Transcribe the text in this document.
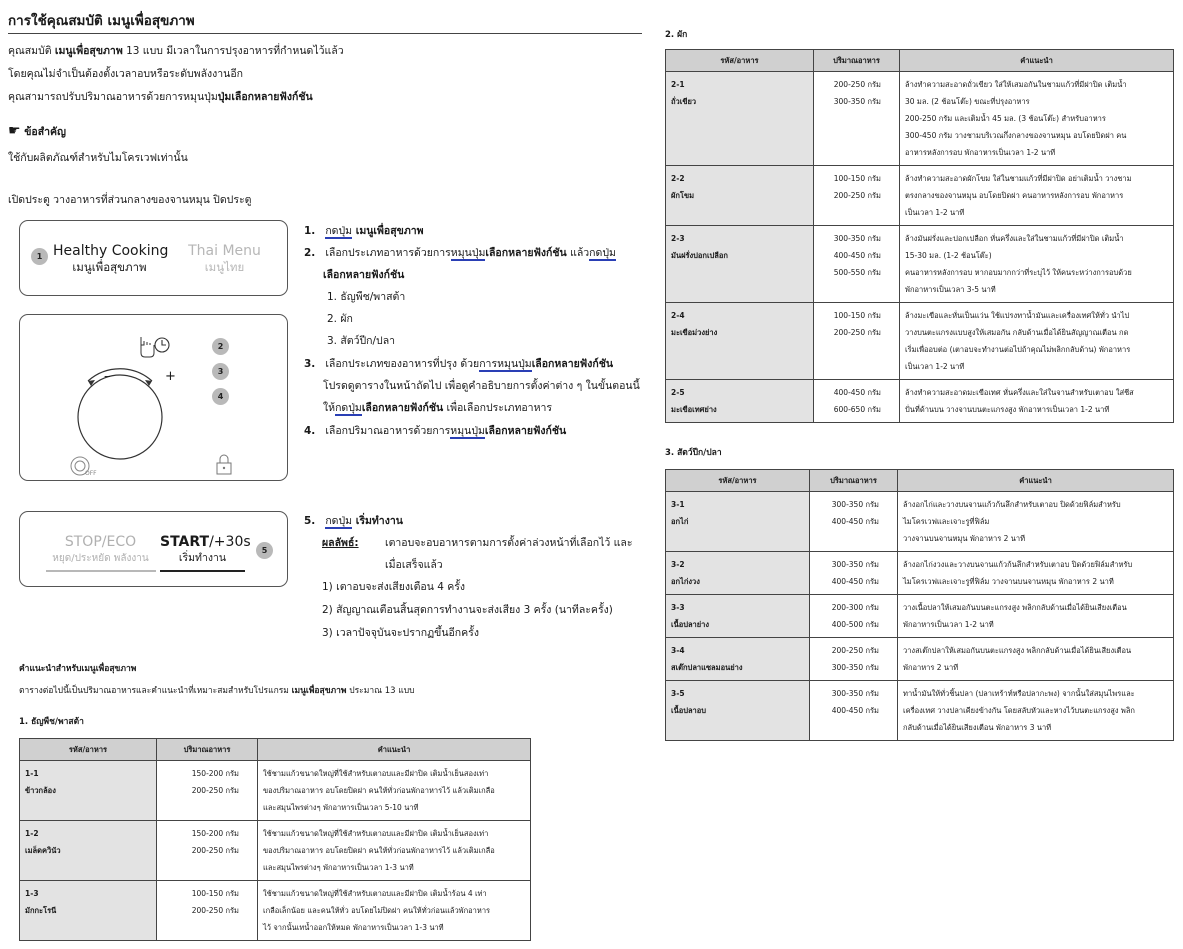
การใช้คุณสมบัติ เมนูเพื่อสุขภาพ
คุณสมบัติ เมนูเพื่อสุขภาพ 13 แบบ มีเวลาในการปรุงอาหารที่กำหนดไว้แล้ว
โดยคุณไม่จำเป็นต้องตั้งเวลาอบหรือระดับพลังงานอีก
คุณสามารถปรับปริมาณอาหารด้วยการหมุนปุ่มปุ่มเลือกหลายฟังก์ชัน
☛ ข้อสำคัญ
ใช้กับผลิตภัณฑ์สำหรับไมโครเวฟเท่านั้น
เปิดประตู วางอาหารที่ส่วนกลางของจานหมุน ปิดประตู
1 Healthy Cooking
เมนูเพื่อสุขภาพ
Thai Menu
เมนูไทย
–	+
2
3
4
OFF
STOP/ECO
หยุด/ประหยัด พลังงาน
START/+30s
เริ่มทำงาน
5
1. กดปุ่ม เมนูเพื่อสุขภาพ
2. เลือกประเภทอาหารด้วยการหมุนปุ่มเลือกหลายฟังก์ชัน แล้วกดปุ่ม
เลือกหลายฟังก์ชัน
1. ธัญพืช/พาสต้า
2. ผัก
3. สัตว์ปีก/ปลา
3. เลือกประเภทของอาหารที่ปรุง ด้วยการหมุนปุ่มเลือกหลายฟังก์ชัน
โปรดดูตารางในหน้าถัดไป เพื่อดูคำอธิบายการตั้งค่าต่าง ๆ ในขั้นตอนนี้
ให้กดปุ่มเลือกหลายฟังก์ชัน เพื่อเลือกประเภทอาหาร
4. เลือกปริมาณอาหารด้วยการหมุนปุ่มเลือกหลายฟังก์ชัน
5. กดปุ่ม เริ่มทำงาน
ผลลัพธ์:	เตาอบจะอบอาหารตามการตั้งค่าล่วงหน้าที่เลือกไว้ และ
เมื่อเสร็จแล้ว
1) เตาอบจะส่งเสียงเตือน 4 ครั้ง
2) สัญญาณเตือนสิ้นสุดการทำงานจะส่งเสียง 3 ครั้ง (นาทีละครั้ง)
3) เวลาปัจจุบันจะปรากฏขึ้นอีกครั้ง
คำแนะนำสำหรับเมนูเพื่อสุขภาพ
ตารางต่อไปนี้เป็นปริมาณอาหารและคำแนะนำที่เหมาะสมสำหรับโปรแกรม เมนูเพื่อสุขภาพ ประมาณ 13 แบบ
1. ธัญพืช/พาสต้า
รหัส/อาหาร	ปริมาณอาหาร	คำแนะนำ

1-1
ข้าวกล้อง	150-200 กรัม
200-250 กรัม	ใช้ชามแก้วขนาดใหญ่ที่ใช้สำหรับเตาอบและมีฝาปิด เติมน้ำเย็นสองเท่า
ของปริมาณอาหาร อบโดยปิดฝา คนให้ทั่วก่อนพักอาหารไว้ แล้วเติมเกลือ
และสมุนไพรต่างๆ พักอาหารเป็นเวลา 5-10 นาที

1-2
เมล็ดควินัว	150-200 กรัม
200-250 กรัม	ใช้ชามแก้วขนาดใหญ่ที่ใช้สำหรับเตาอบและมีฝาปิด เติมน้ำเย็นสองเท่า
ของปริมาณอาหาร อบโดยปิดฝา คนให้ทั่วก่อนพักอาหารไว้ แล้วเติมเกลือ
และสมุนไพรต่างๆ พักอาหารเป็นเวลา 1-3 นาที

1-3
มักกะโรนี	100-150 กรัม
200-250 กรัม	ใช้ชามแก้วขนาดใหญ่ที่ใช้สำหรับเตาอบและมีฝาปิด เติมน้ำร้อน 4 เท่า
เกลือเล็กน้อย และคนให้ทั่ว อบโดยไม่ปิดฝา คนให้ทั่วก่อนแล้วพักอาหาร
ไว้ จากนั้นเทน้ำออกให้หมด พักอาหารเป็นเวลา 1-3 นาที
2. ผัก
รหัส/อาหาร	ปริมาณอาหาร	คำแนะนำ

2-1
ถั่วเขียว	200-250 กรัม
300-350 กรัม	ล้างทำความสะอาดถั่วเขียว ใส่ให้เสมอกันในชามแก้วที่มีฝาปิด เติมน้ำ
30 มล. (2 ช้อนโต๊ะ) ขณะที่ปรุงอาหาร
200-250 กรัม และเติมน้ำ 45 มล. (3 ช้อนโต๊ะ) สำหรับอาหาร
300-450 กรัม วางชามบริเวณกึ่งกลางของจานหมุน อบโดยปิดฝา คน
อาหารหลังการอบ พักอาหารเป็นเวลา 1-2 นาที

2-2
ผักโขม	100-150 กรัม
200-250 กรัม	ล้างทำความสะอาดผักโขม ใส่ในชามแก้วที่มีฝาปิด อย่าเติมน้ำ วางชาม
ตรงกลางของจานหมุน อบโดยปิดฝา คนอาหารหลังการอบ พักอาหาร
เป็นเวลา 1-2 นาที

2-3
มันฝรั่งปอกเปลือก	300-350 กรัม
400-450 กรัม
500-550 กรัม	ล้างมันฝรั่งและปอกเปลือก หั่นครึ่งและใส่ในชามแก้วที่มีฝาปิด เติมน้ำ
15-30 มล. (1-2 ช้อนโต๊ะ)
คนอาหารหลังการอบ หากอบมากกว่าที่ระบุไว้ ให้คนระหว่างการอบด้วย
พักอาหารเป็นเวลา 3-5 นาที

2-4
มะเขือม่วงย่าง	100-150 กรัม
200-250 กรัม	ล้างมะเขือและหั่นเป็นแว่น ใช้แปรงทาน้ำมันและเครื่องเทศให้ทั่ว นำไป
วางบนตะแกรงแบบสูงให้เสมอกัน กลับด้านเมื่อได้ยินสัญญาณเตือน กด
เริ่มเพื่ออบต่อ (เตาอบจะทำงานต่อไปถ้าคุณไม่พลิกกลับด้าน) พักอาหาร
เป็นเวลา 1-2 นาที

2-5
มะเขือเทศย่าง	400-450 กรัม
600-650 กรัม	ล้างทำความสะอาดมะเขือเทศ หั่นครึ่งและใส่ในจานสำหรับเตาอบ ใส่ชีส
ปั่นที่ด้านบน วางจานบนตะแกรงสูง พักอาหารเป็นเวลา 1-2 นาที
3. สัตว์ปีก/ปลา
รหัส/อาหาร	ปริมาณอาหาร	คำแนะนำ

3-1
อกไก่	300-350 กรัม
400-450 กรัม	ล้างอกไก่และวางบนจานแก้วก้นลึกสำหรับเตาอบ ปิดด้วยฟิล์มสำหรับ
ไมโครเวฟและเจาะรูที่ฟิล์ม
วางจานบนจานหมุน พักอาหาร 2 นาที

3-2
อกไก่งวง	300-350 กรัม
400-450 กรัม	ล้างอกไก่งวงและวางบนจานแก้วก้นลึกสำหรับเตาอบ ปิดด้วยฟิล์มสำหรับ
ไมโครเวฟและเจาะรูที่ฟิล์ม วางจานบนจานหมุน พักอาหาร 2 นาที

3-3
เนื้อปลาย่าง	200-300 กรัม
400-500 กรัม	วางเนื้อปลาให้เสมอกันบนตะแกรงสูง พลิกกลับด้านเมื่อได้ยินเสียงเตือน
พักอาหารเป็นเวลา 1-2 นาที

3-4
สเต๊กปลาแซลมอนย่าง	200-250 กรัม
300-350 กรัม	วางสเต๊กปลาให้เสมอกันบนตะแกรงสูง พลิกกลับด้านเมื่อได้ยินเสียงเตือน
พักอาหาร 2 นาที

3-5
เนื้อปลาอบ	300-350 กรัม
400-450 กรัม	ทาน้ำมันให้ทั่วชิ้นปลา (ปลาเทร้าท์หรือปลากะพง) จากนั้นใส่สมุนไพรและ
เครื่องเทศ วางปลาเคียงข้างกัน โดยสลับหัวและหางไว้บนตะแกรงสูง พลิก
กลับด้านเมื่อได้ยินเสียงเตือน พักอาหาร 3 นาที
